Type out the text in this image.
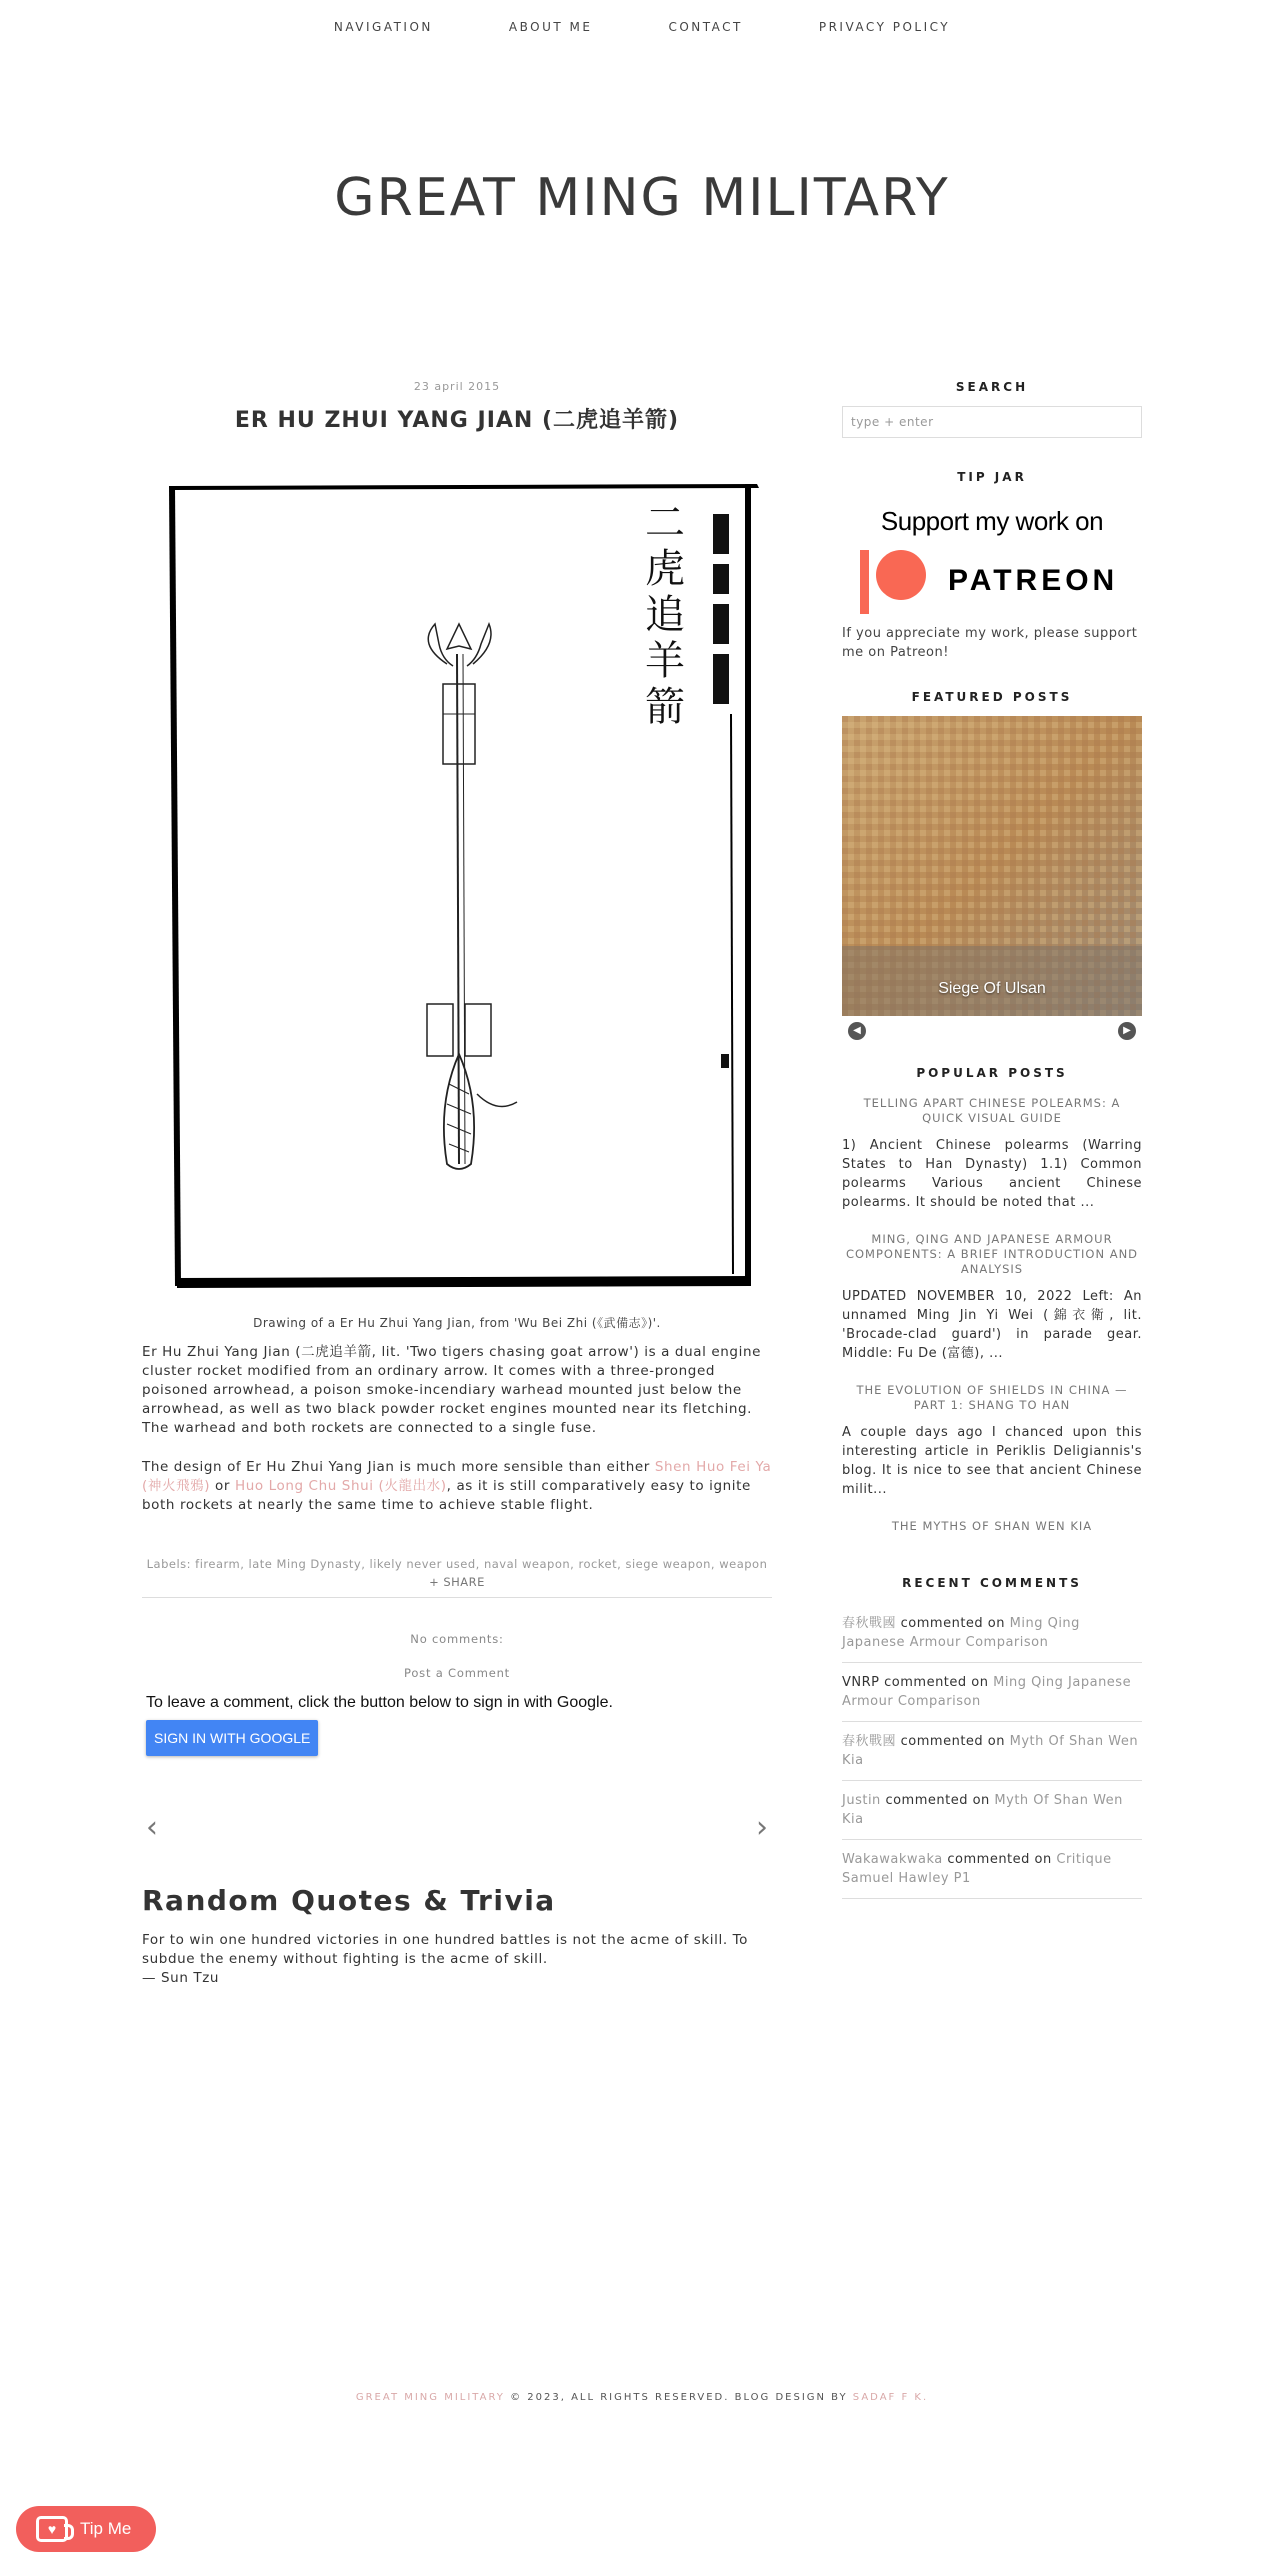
NAVIGATION	ABOUT ME	CONTACT	PRIVACY POLICY
GREAT MING MILITARY
23 april 2015
ER HU ZHUI YANG JIAN (二虎追羊箭)
二
虎
追
羊
箭
Drawing of a Er Hu Zhui Yang Jian, from 'Wu Bei Zhi (《武備志》)'.

Er Hu Zhui Yang Jian (二虎追羊箭, lit. 'Two tigers chasing goat arrow') is a dual engine cluster rocket modified from an ordinary arrow. It comes with a three-pronged poisoned arrowhead, a poison smoke-incendiary warhead mounted just below the arrowhead, as well as two black powder rocket engines mounted near its fletching. The warhead and both rockets are connected to a single fuse.

The design of Er Hu Zhui Yang Jian is much more sensible than either Shen Huo Fei Ya (神火飛鴉) or Huo Long Chu Shui (火龍出水), as it is still comparatively easy to ignite both rockets at nearly the same time to achieve stable flight.

Labels: firearm, late Ming Dynasty, likely never used, naval weapon, rocket, siege weapon, weapon
+ SHARE
No comments:
Post a Comment
To leave a comment, click the button below to sign in with Google.
SIGN IN WITH GOOGLE
‹	›
Random Quotes & Trivia

For to win one hundred victories in one hundred battles is not the acme of skill. To subdue the enemy without fighting is the acme of skill.
— Sun Tzu

SEARCH
type + enter
TIP JAR
Support my work on
PATREON

If you appreciate my work, please support me on Patreon!

FEATURED POSTS
Siege Of Ulsan
◀	▶
POPULAR POSTS
TELLING APART CHINESE POLEARMS: A QUICK VISUAL GUIDE
1) Ancient Chinese polearms (Warring States to Han Dynasty) 1.1) Common polearms Various ancient Chinese polearms. It should be noted that ...
MING, QING AND JAPANESE ARMOUR COMPONENTS: A BRIEF INTRODUCTION AND ANALYSIS
UPDATED NOVEMBER 10, 2022 Left: An unnamed Ming Jin Yi Wei (錦衣衛, lit. 'Brocade-clad guard') in parade gear. Middle: Fu De (富德), ...
THE EVOLUTION OF SHIELDS IN CHINA — PART 1: SHANG TO HAN
A couple days ago I chanced upon this interesting article in Periklis Deligiannis's blog. It is nice to see that ancient Chinese milit...
THE MYTHS OF SHAN WEN KIA
RECENT COMMENTS
春秋戰國 commented on Ming Qing Japanese Armour Comparison
VNRP commented on Ming Qing Japanese Armour Comparison
春秋戰國 commented on Myth Of Shan Wen Kia
Justin commented on Myth Of Shan Wen Kia
Wakawakwaka commented on Critique Samuel Hawley P1
GREAT MING MILITARY © 2023, ALL RIGHTS RESERVED. BLOG DESIGN BY SADAF F K.
♥ Tip Me
